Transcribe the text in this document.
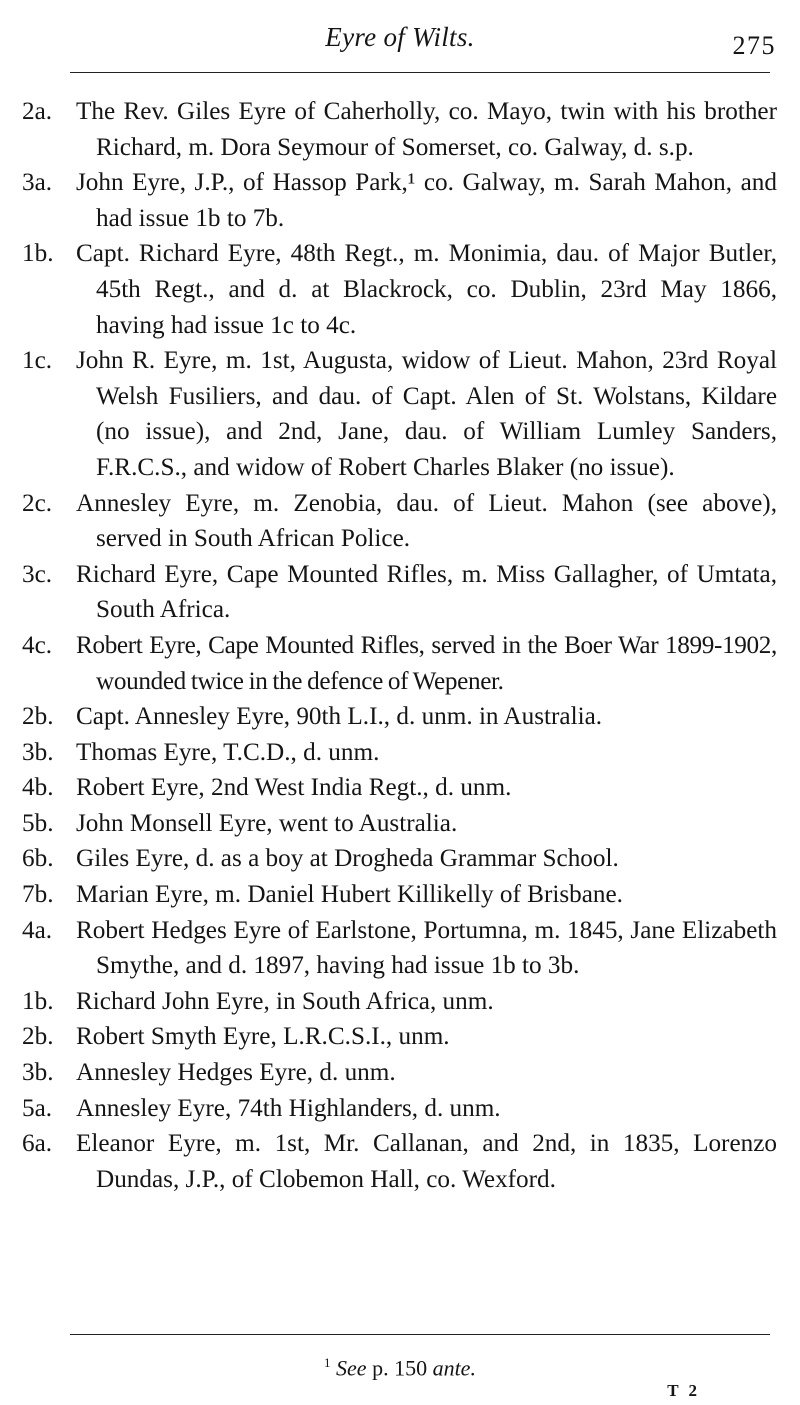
Eyre of Wilts.	275
2a. The Rev. Giles Eyre of Caherholly, co. Mayo, twin with his brother Richard, m. Dora Seymour of Somerset, co. Galway, d. s.p.
3a. John Eyre, J.P., of Hassop Park,¹ co. Galway, m. Sarah Mahon, and had issue 1b to 7b.
1b. Capt. Richard Eyre, 48th Regt., m. Monimia, dau. of Major Butler, 45th Regt., and d. at Blackrock, co. Dublin, 23rd May 1866, having had issue 1c to 4c.
1c. John R. Eyre, m. 1st, Augusta, widow of Lieut. Mahon, 23rd Royal Welsh Fusiliers, and dau. of Capt. Alen of St. Wolstans, Kildare (no issue), and 2nd, Jane, dau. of William Lumley Sanders, F.R.C.S., and widow of Robert Charles Blaker (no issue).
2c. Annesley Eyre, m. Zenobia, dau. of Lieut. Mahon (see above), served in South African Police.
3c. Richard Eyre, Cape Mounted Rifles, m. Miss Gallagher, of Umtata, South Africa.
4c. Robert Eyre, Cape Mounted Rifles, served in the Boer War 1899-1902, wounded twice in the defence of Wepener.
2b. Capt. Annesley Eyre, 90th L.I., d. unm. in Australia.
3b. Thomas Eyre, T.C.D., d. unm.
4b. Robert Eyre, 2nd West India Regt., d. unm.
5b. John Monsell Eyre, went to Australia.
6b. Giles Eyre, d. as a boy at Drogheda Grammar School.
7b. Marian Eyre, m. Daniel Hubert Killikelly of Brisbane.
4a. Robert Hedges Eyre of Earlstone, Portumna, m. 1845, Jane Elizabeth Smythe, and d. 1897, having had issue 1b to 3b.
1b. Richard John Eyre, in South Africa, unm.
2b. Robert Smyth Eyre, L.R.C.S.I., unm.
3b. Annesley Hedges Eyre, d. unm.
5a. Annesley Eyre, 74th Highlanders, d. unm.
6a. Eleanor Eyre, m. 1st, Mr. Callanan, and 2nd, in 1835, Lorenzo Dundas, J.P., of Clobemon Hall, co. Wexford.
$^1$ See p. 150 ante.
T 2
